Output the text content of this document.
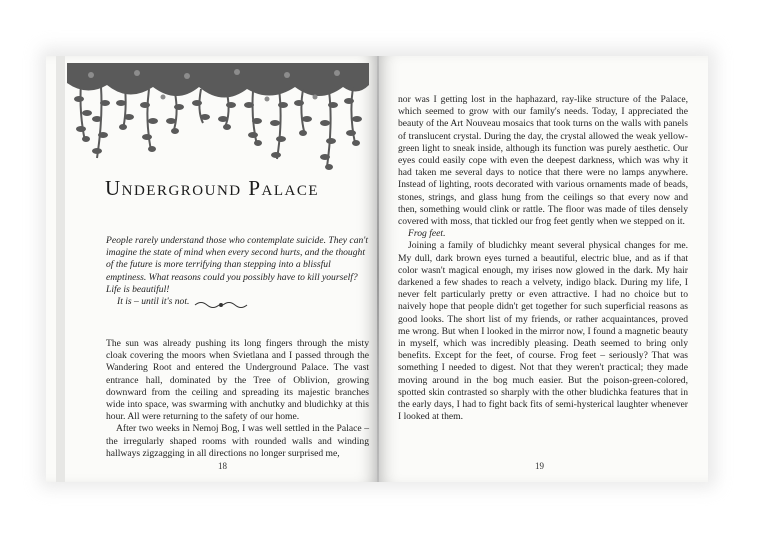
Underground Palace
People rarely understand those who contemplate suicide. They can't imagine the state of mind when every second hurts, and the thought of the future is more terrifying than stepping into a blissful emptiness. What reasons could you possibly have to kill yourself? Life is beautiful!
It is – until it's not.

The sun was already pushing its long fingers through the misty cloak covering the moors when Svietlana and I passed through the Wandering Root and entered the Underground Palace. The vast entrance hall, dominated by the Tree of Oblivion, growing downward from the ceiling and spreading its majestic branches wide into space, was swarming with anchutky and bludichky at this hour. All were returning to the safety of our home.

After two weeks in Nemoj Bog, I was well settled in the Palace – the irregularly shaped rooms with rounded walls and winding hallways zigzagging in all directions no longer surprised me,

18

nor was I getting lost in the haphazard, ray-like structure of the Palace, which seemed to grow with our family's needs. Today, I appreciated the beauty of the Art Nouveau mosaics that took turns on the walls with panels of translucent crystal. During the day, the crystal allowed the weak yellow-green light to sneak inside, although its function was purely aesthetic. Our eyes could easily cope with even the deepest darkness, which was why it had taken me several days to notice that there were no lamps anywhere. Instead of lighting, roots decorated with various ornaments made of beads, stones, strings, and glass hung from the ceilings so that every now and then, something would clink or rattle. The floor was made of tiles densely covered with moss, that tickled our frog feet gently when we stepped on it.

Frog feet.

Joining a family of bludichky meant several physical changes for me. My dull, dark brown eyes turned a beautiful, electric blue, and as if that color wasn't magical enough, my irises now glowed in the dark. My hair darkened a few shades to reach a velvety, indigo black. During my life, I never felt particularly pretty or even attractive. I had no choice but to naively hope that people didn't get together for such superficial reasons as good looks. The short list of my friends, or rather acquaintances, proved me wrong. But when I looked in the mirror now, I found a magnetic beauty in myself, which was incredibly pleasing. Death seemed to bring only benefits. Except for the feet, of course. Frog feet – seriously? That was something I needed to digest. Not that they weren't practical; they made moving around in the bog much easier. But the poison-green-colored, spotted skin contrasted so sharply with the other bludichka features that in the early days, I had to fight back fits of semi-hysterical laughter whenever I looked at them.

19
